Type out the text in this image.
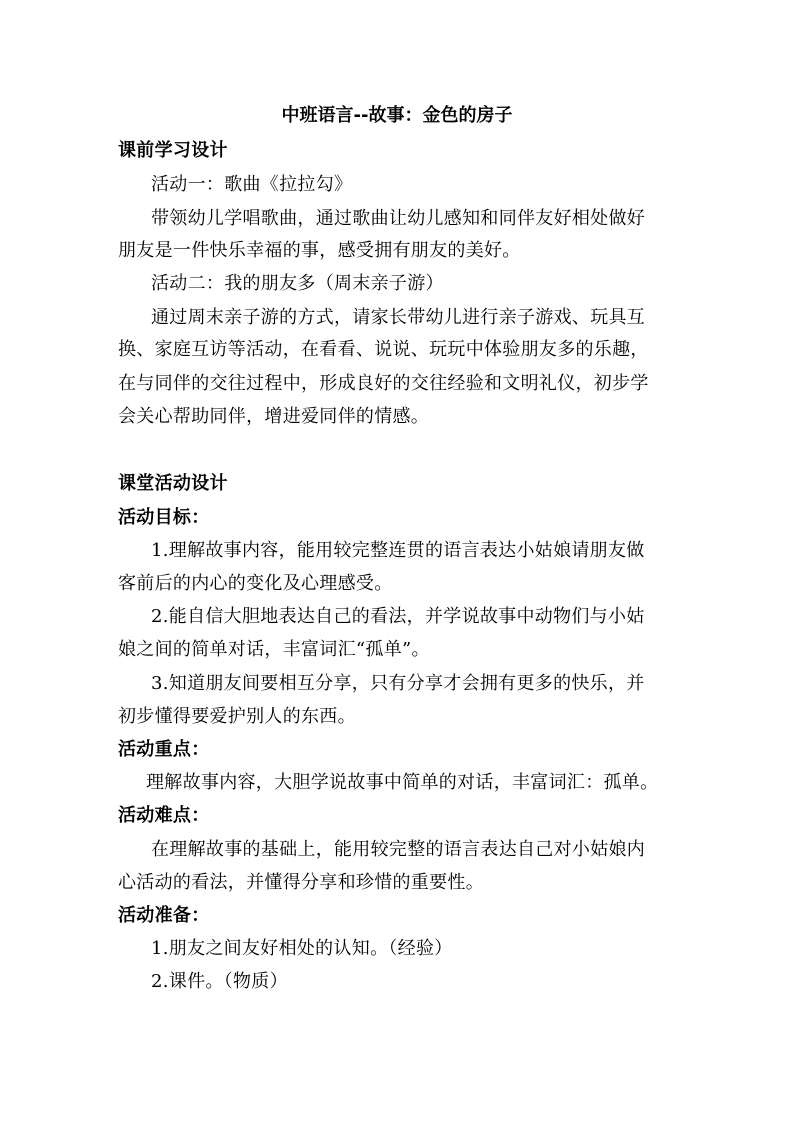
中班语言--故事：金色的房子
课前学习设计
活动一：歌曲《拉拉勾》
带领幼儿学唱歌曲，通过歌曲让幼儿感知和同伴友好相处做好
朋友是一件快乐幸福的事，感受拥有朋友的美好。
活动二：我的朋友多（周末亲子游）
通过周末亲子游的方式，请家长带幼儿进行亲子游戏、玩具互
换、家庭互访等活动，在看看、说说、玩玩中体验朋友多的乐趣，
在与同伴的交往过程中，形成良好的交往经验和文明礼仪，初步学
会关心帮助同伴，增进爱同伴的情感。
课堂活动设计
活动目标：
1.理解故事内容，能用较完整连贯的语言表达小姑娘请朋友做
客前后的内心的变化及心理感受。
2.能自信大胆地表达自己的看法，并学说故事中动物们与小姑
娘之间的简单对话，丰富词汇“孤单”。
3.知道朋友间要相互分享，只有分享才会拥有更多的快乐，并
初步懂得要爱护别人的东西。
活动重点：
理解故事内容，大胆学说故事中简单的对话，丰富词汇：孤单。
活动难点：
在理解故事的基础上，能用较完整的语言表达自己对小姑娘内
心活动的看法，并懂得分享和珍惜的重要性。
活动准备：
1.朋友之间友好相处的认知。（经验）
2.课件。（物质）
